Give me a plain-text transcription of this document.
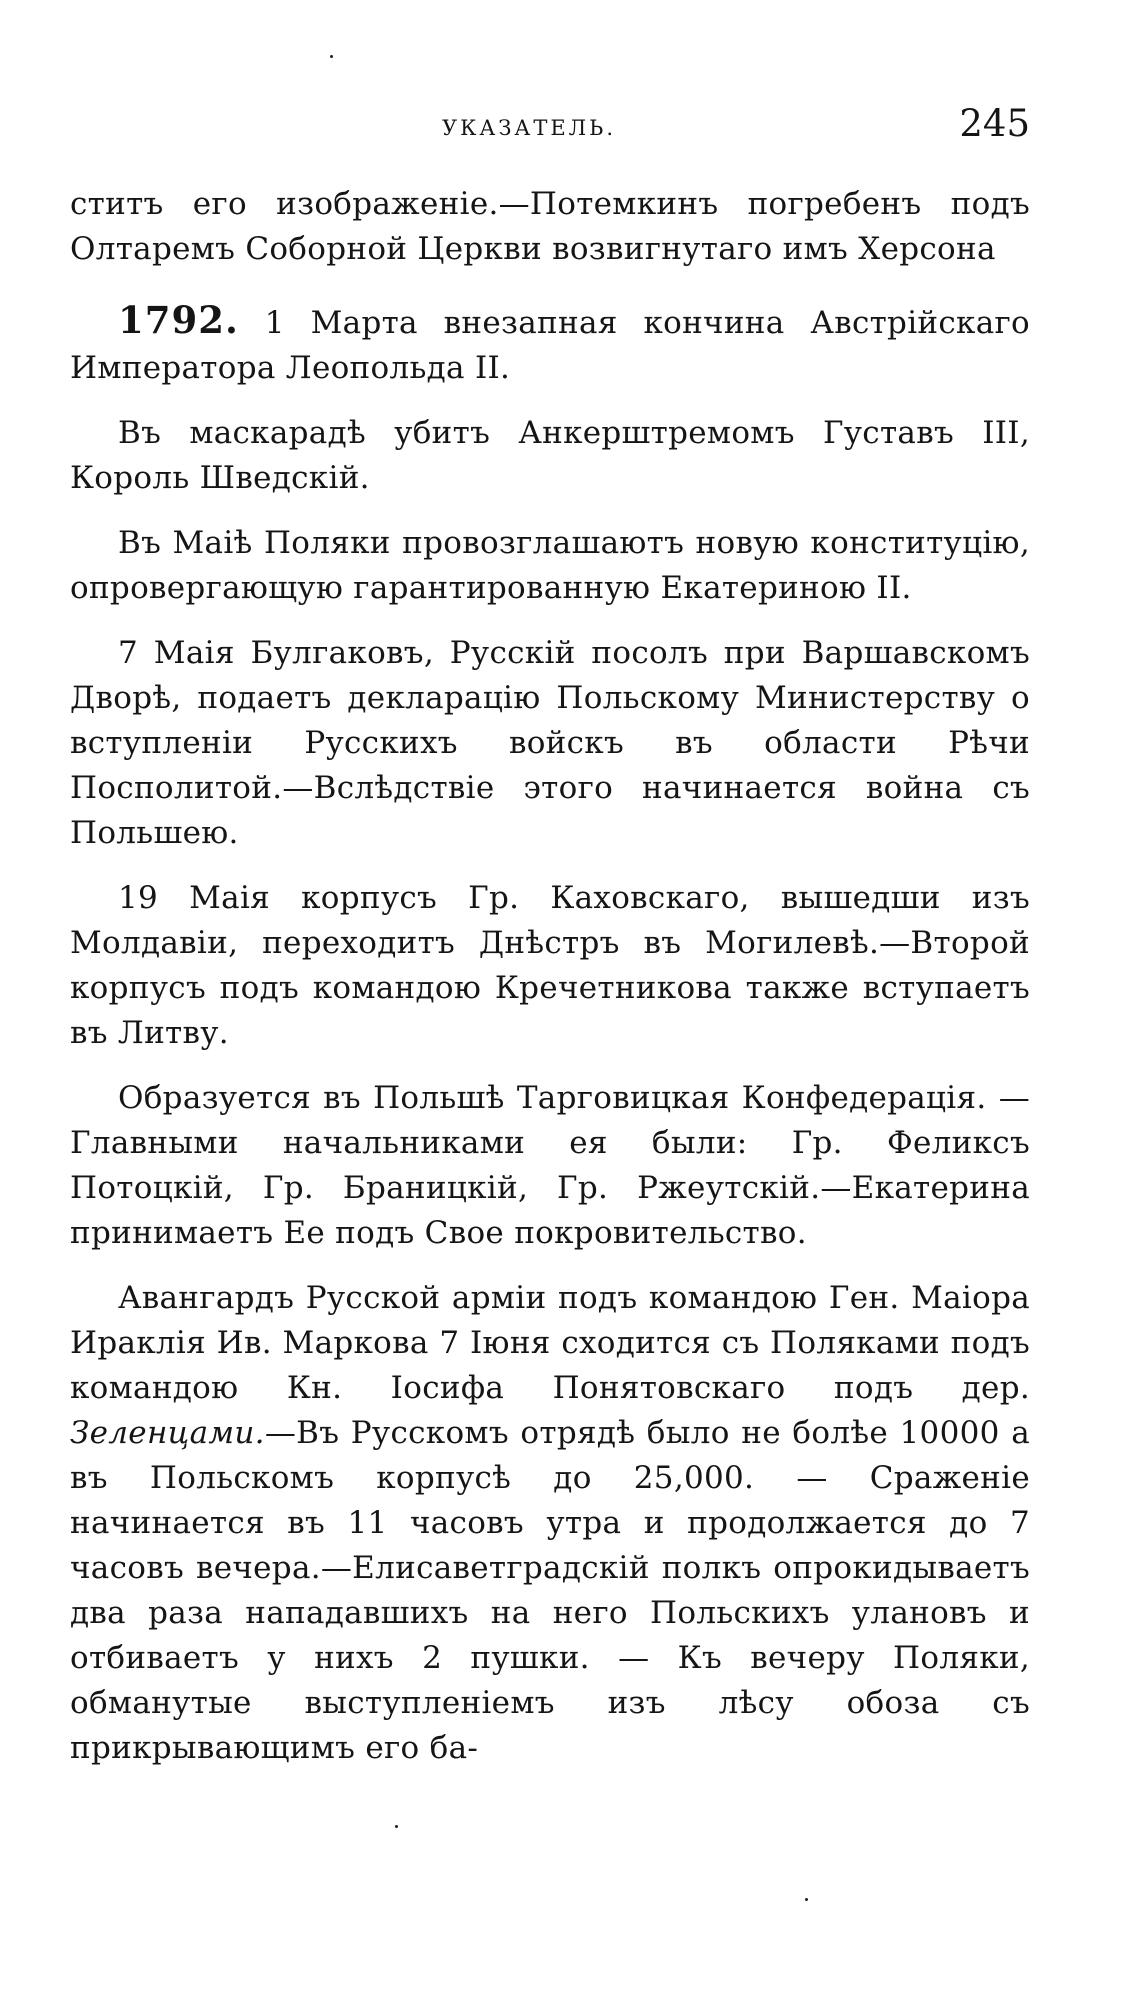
УКАЗАТЕЛЬ.	245

ститъ его изображенiе.—Потемкинъ погребенъ подъ Олтаремъ Соборной Церкви возвигнутаго имъ Херсона

1792. 1 Марта внезапная кончина Австрiйскаго Императора Леопольда II.

Въ маскарадѣ убитъ Анкерштремомъ Густавъ III, Король Шведскiй.

Въ Маiѣ Поляки провозглашаютъ новую конституцiю, опровергающую гарантированную Екатериною II.

7 Маiя Булгаковъ, Русскiй посолъ при Варшавскомъ Дворѣ, подаетъ декларацiю Польскому Министерству о вступленiи Русскихъ войскъ въ области Рѣчи Посполитой.—Вслѣдствiе этого начинается война съ Польшею.

19 Маiя корпусъ Гр. Каховскаго, вышедши изъ Молдавiи, переходитъ Днѣстръ въ Могилевѣ.—Второй корпусъ подъ командою Кречетникова также вступаетъ въ Литву.

Образуется въ Польшѣ Тарговицкая Конфедерацiя. — Главными начальниками ея были: Гр. Феликсъ Потоцкiй, Гр. Браницкiй, Гр. Ржеутскiй.—Екатерина принимаетъ Ее подъ Свое покровительство.

Авангардъ Русской армiи подъ командою Ген. Маiора Ираклiя Ив. Маркова 7 Iюня сходится съ Поляками подъ командою Кн. Iосифа Понятовскаго подъ дер. Зеленцами.—Въ Русскомъ отрядѣ было не болѣе 10000 а въ Польскомъ корпусѣ до 25,000. — Сраженiе начинается въ 11 часовъ утра и продолжается до 7 часовъ вечера.—Елисаветградскiй полкъ опрокидываетъ два раза нападавшихъ на него Польскихъ улановъ и отбиваетъ у нихъ 2 пушки. — Къ вечеру Поляки, обманутые выступленiемъ изъ лѣсу обоза съ прикрывающимъ его ба-
